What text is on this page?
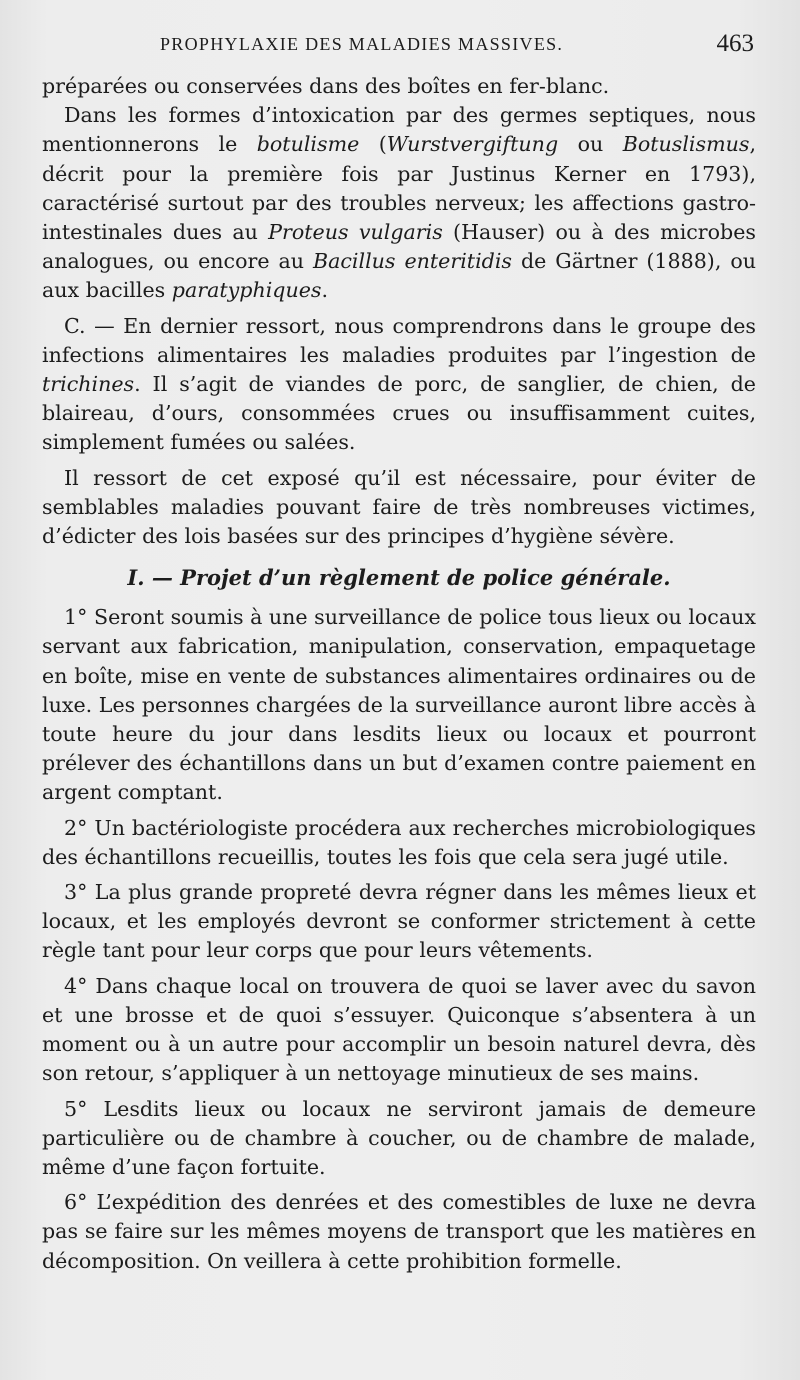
PROPHYLAXIE DES MALADIES MASSIVES.	463

préparées ou conservées dans des boîtes en fer-blanc.

Dans les formes d’intoxication par des germes septiques, nous mentionnerons le botulisme (Wurstvergiftung ou Botuslismus, décrit pour la première fois par Justinus Kerner en 1793), caractérisé surtout par des troubles nerveux; les affections gastro-intestinales dues au Proteus vulgaris (Hauser) ou à des microbes analogues, ou encore au Bacillus enteritidis de Gärtner (1888), ou aux bacilles paratyphiques.

C. — En dernier ressort, nous comprendrons dans le groupe des infections alimentaires les maladies produites par l’ingestion de trichines. Il s’agit de viandes de porc, de sanglier, de chien, de blaireau, d’ours, consommées crues ou insuffisamment cuites, simplement fumées ou salées.

Il ressort de cet exposé qu’il est nécessaire, pour éviter de semblables maladies pouvant faire de très nombreuses victimes, d’édicter des lois basées sur des principes d’hygiène sévère.

I. — Projet d’un règlement de police générale.

1° Seront soumis à une surveillance de police tous lieux ou locaux servant aux fabrication, manipulation, conservation, empaquetage en boîte, mise en vente de substances alimentaires ordinaires ou de luxe. Les personnes chargées de la surveillance auront libre accès à toute heure du jour dans lesdits lieux ou locaux et pourront prélever des échantillons dans un but d’examen contre paiement en argent comptant.

2° Un bactériologiste procédera aux recherches microbiologiques des échantillons recueillis, toutes les fois que cela sera jugé utile.

3° La plus grande propreté devra régner dans les mêmes lieux et locaux, et les employés devront se conformer strictement à cette règle tant pour leur corps que pour leurs vêtements.

4° Dans chaque local on trouvera de quoi se laver avec du savon et une brosse et de quoi s’essuyer. Quiconque s’absentera à un moment ou à un autre pour accomplir un besoin naturel devra, dès son retour, s’appliquer à un nettoyage minutieux de ses mains.

5° Lesdits lieux ou locaux ne serviront jamais de demeure particulière ou de chambre à coucher, ou de chambre de malade, même d’une façon fortuite.

6° L’expédition des denrées et des comestibles de luxe ne devra pas se faire sur les mêmes moyens de transport que les matières en décomposition. On veillera à cette prohibition formelle.
